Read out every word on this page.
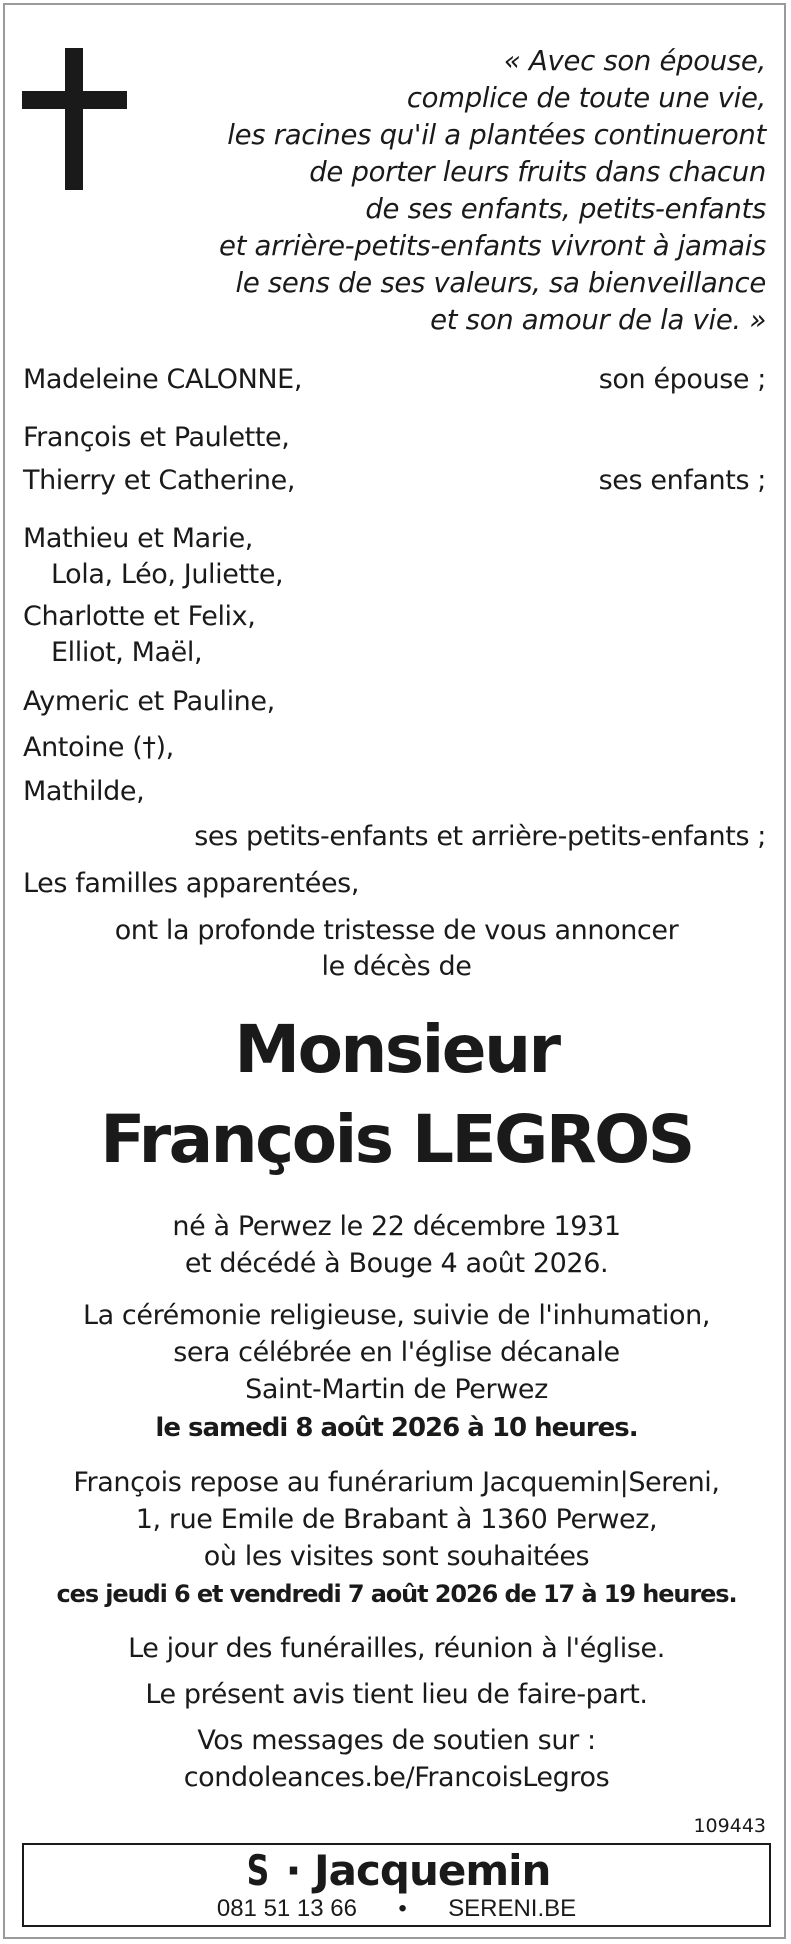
« Avec son épouse,
complice de toute une vie,
les racines qu'il a plantées continueront
de porter leurs fruits dans chacun
de ses enfants, petits-enfants
et arrière-petits-enfants vivront à jamais
le sens de ses valeurs, sa bienveillance
et son amour de la vie. »
Madeleine CALONNE,	son épouse ;
François et Paulette,
Thierry et Catherine,	ses enfants ;
Mathieu et Marie,
Lola, Léo, Juliette,
Charlotte et Felix,
Elliot, Maël,
Aymeric et Pauline,
Antoine (†),
Mathilde,
ses petits-enfants et arrière-petits-enfants ;
Les familles apparentées,
ont la profonde tristesse de vous annoncer
le décès de
Monsieur
François LEGROS
né à Perwez le 22 décembre 1931
et décédé à Bouge 4 août 2026.
La cérémonie religieuse, suivie de l'inhumation,
sera célébrée en l'église décanale
Saint-Martin de Perwez
le samedi 8 août 2026 à 10 heures.
François repose au funérarium Jacquemin|Sereni,
1, rue Emile de Brabant à 1360 Perwez,
où les visites sont souhaitées
ces jeudi 6 et vendredi 7 août 2026 de 17 à 19 heures.
Le jour des funérailles, réunion à l'église.
Le présent avis tient lieu de faire-part.
Vos messages de soutien sur :
condoleances.be/FrancoisLegros
109443
S · Jacquemin
081 51 13 66 • SERENI.BE
